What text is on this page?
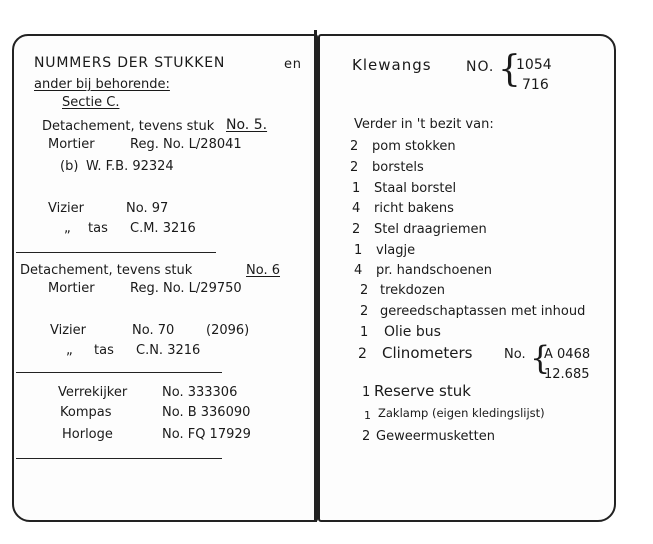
NUMMERS DER STUKKEN	en
ander bij behorende:
Sectie C.
Detachement, tevens stuk No. 5.
Mortier	Reg. No. L/28041
(b) W. F.B. 92324
Vizier	No. 97
„ tas C.M. 3216
Detachement, tevens stuk	No. 6
Mortier	Reg. No. L/29750
Vizier	No. 70 (2096)
„ tas C.N. 3216
Verrekijker	No. 333306
Kompas	No. B 336090
Horloge	No. FQ 17929
Klewangs NO. {
1054
716
Verder in 't bezit van:
2 pom stokken
2 borstels
1 Staal borstel
4 richt bakens
2 Stel draagriemen
1 vlagje
4 pr. handschoenen
2 trekdozen
2 gereedschaptassen met inhoud
1 Olie bus
2 Clinometers No. {
A 0468
12.685
1 Reserve stuk
1 Zaklamp (eigen kledingslijst)
2 Geweermusketten
